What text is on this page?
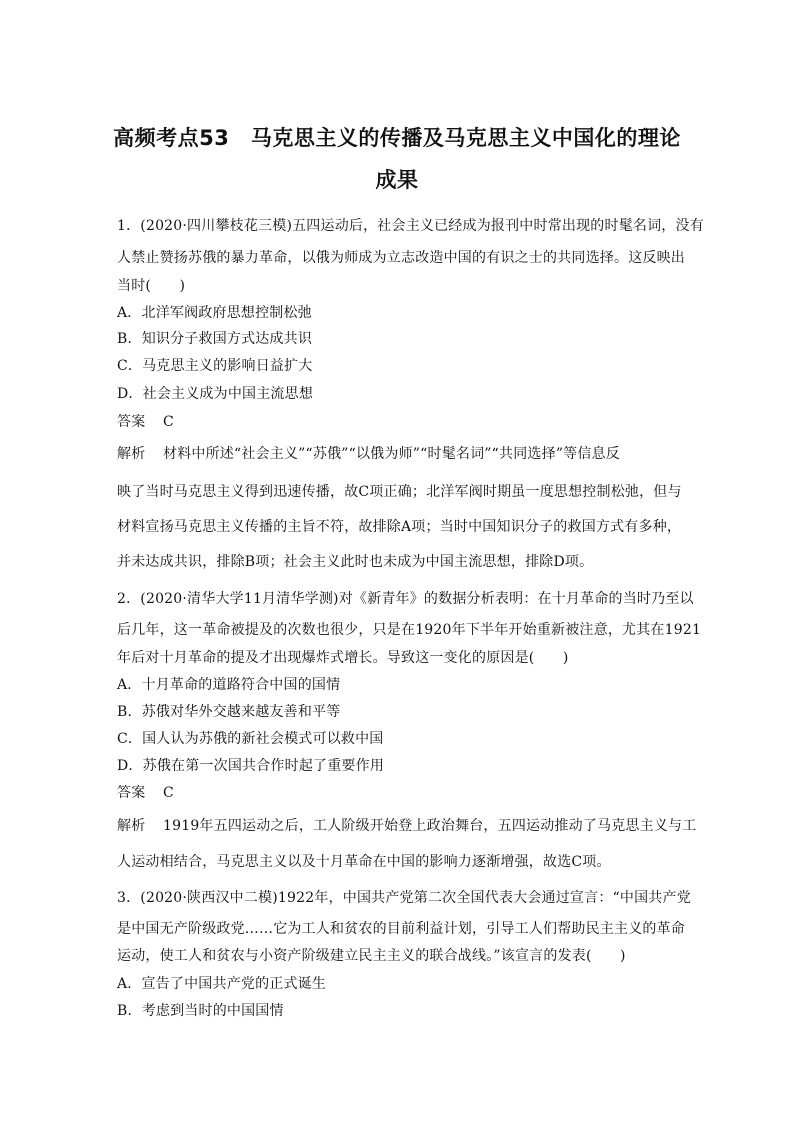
高频考点53　马克思主义的传播及马克思主义中国化的理论
成果
1．(2020·四川攀枝花三模)五四运动后，社会主义已经成为报刊中时常出现的时髦名词，没有
人禁止赞扬苏俄的暴力革命，以俄为师成为立志改造中国的有识之士的共同选择。这反映出
当时(　　)
A．北洋军阀政府思想控制松弛
B．知识分子救国方式达成共识
C．马克思主义的影响日益扩大
D．社会主义成为中国主流思想
答案 C
解析 材料中所述“社会主义”“苏俄”“以俄为师”“时髦名词”“共同选择”等信息反
映了当时马克思主义得到迅速传播，故C项正确；北洋军阀时期虽一度思想控制松弛，但与
材料宣扬马克思主义传播的主旨不符，故排除A项；当时中国知识分子的救国方式有多种，
并未达成共识，排除B项；社会主义此时也未成为中国主流思想，排除D项。
2．(2020·清华大学11月清华学测)对《新青年》的数据分析表明：在十月革命的当时乃至以
后几年，这一革命被提及的次数也很少，只是在1920年下半年开始重新被注意，尤其在1921
年后对十月革命的提及才出现爆炸式增长。导致这一变化的原因是(　　)
A．十月革命的道路符合中国的国情
B．苏俄对华外交越来越友善和平等
C．国人认为苏俄的新社会模式可以救中国
D．苏俄在第一次国共合作时起了重要作用
答案 C
解析 1919年五四运动之后，工人阶级开始登上政治舞台，五四运动推动了马克思主义与工
人运动相结合，马克思主义以及十月革命在中国的影响力逐渐增强，故选C项。
3．(2020·陕西汉中二模)1922年，中国共产党第二次全国代表大会通过宣言：“中国共产党
是中国无产阶级政党……它为工人和贫农的目前利益计划，引导工人们帮助民主主义的革命
运动，使工人和贫农与小资产阶级建立民主主义的联合战线。”该宣言的发表(　　)
A．宣告了中国共产党的正式诞生
B．考虑到当时的中国国情
